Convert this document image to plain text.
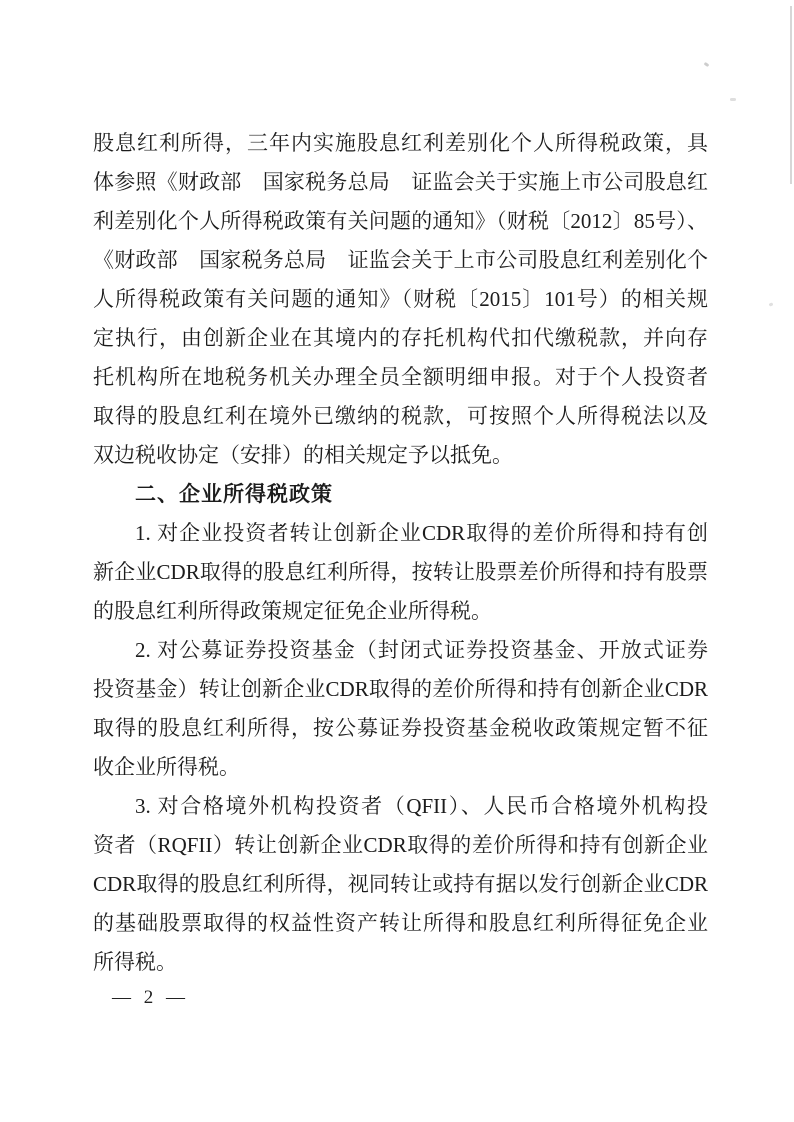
股息红利所得，三年内实施股息红利差别化个人所得税政策，具
体参照《财政部　国家税务总局　证监会关于实施上市公司股息红
利差别化个人所得税政策有关问题的通知》（财税〔2012〕85号）、
《财政部　国家税务总局　证监会关于上市公司股息红利差别化个
人所得税政策有关问题的通知》（财税〔2015〕101号）的相关规
定执行，由创新企业在其境内的存托机构代扣代缴税款，并向存
托机构所在地税务机关办理全员全额明细申报。对于个人投资者
取得的股息红利在境外已缴纳的税款，可按照个人所得税法以及
双边税收协定（安排）的相关规定予以抵免。
二、企业所得税政策
1. 对企业投资者转让创新企业CDR取得的差价所得和持有创
新企业CDR取得的股息红利所得，按转让股票差价所得和持有股票
的股息红利所得政策规定征免企业所得税。
2. 对公募证券投资基金（封闭式证券投资基金、开放式证券
投资基金）转让创新企业CDR取得的差价所得和持有创新企业CDR
取得的股息红利所得，按公募证券投资基金税收政策规定暂不征
收企业所得税。
3. 对合格境外机构投资者（QFII）、人民币合格境外机构投
资者（RQFII）转让创新企业CDR取得的差价所得和持有创新企业
CDR取得的股息红利所得，视同转让或持有据以发行创新企业CDR
的基础股票取得的权益性资产转让所得和股息红利所得征免企业
所得税。
— 2 —
